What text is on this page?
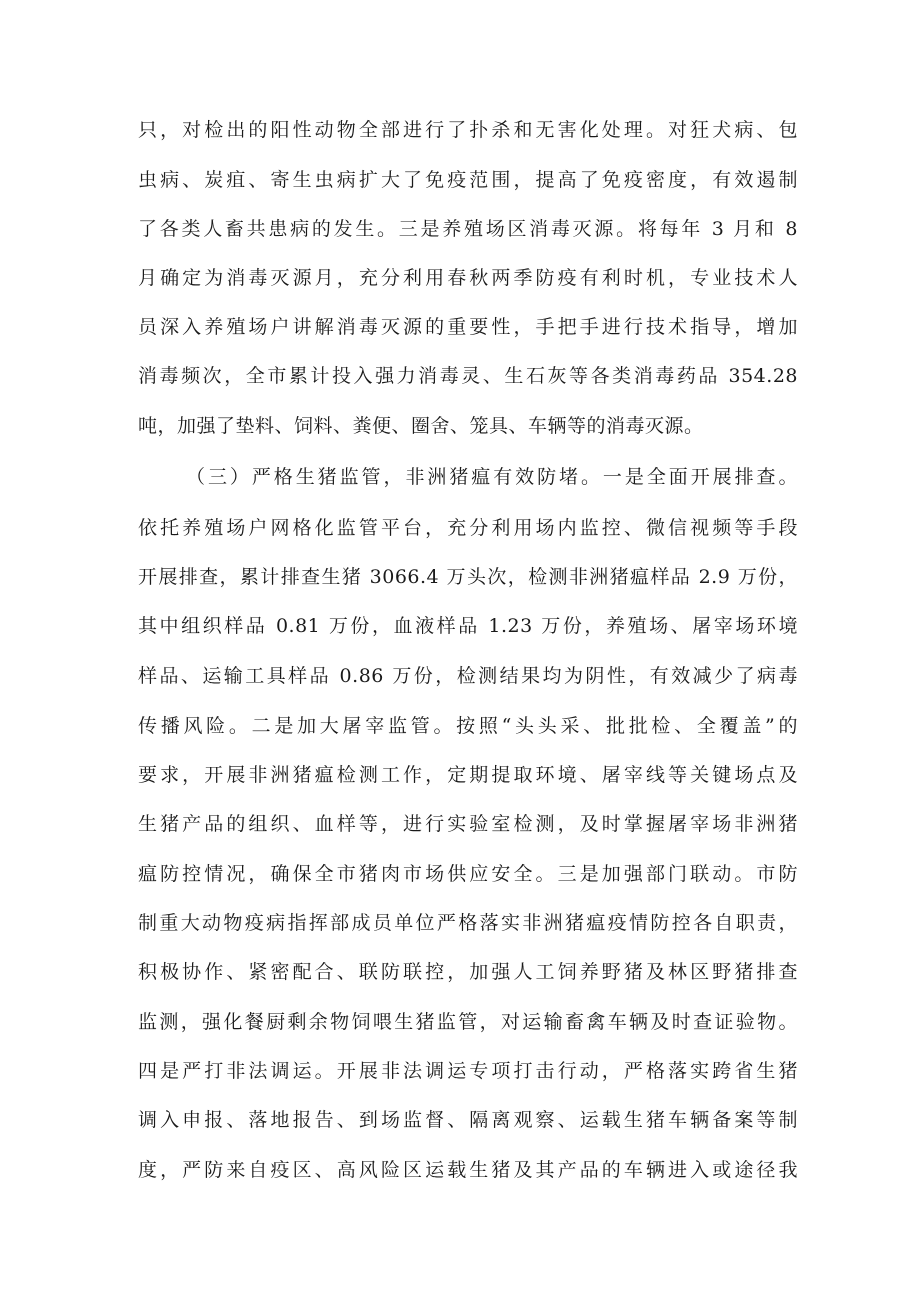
只，对检出的阳性动物全部进行了扑杀和无害化处理。对狂犬病、包
虫病、炭疽、寄生虫病扩大了免疫范围，提高了免疫密度，有效遏制
了各类人畜共患病的发生。三是养殖场区消毒灭源。将每年 3 月和 8
月确定为消毒灭源月，充分利用春秋两季防疫有利时机，专业技术人
员深入养殖场户讲解消毒灭源的重要性，手把手进行技术指导，增加
消毒频次，全市累计投入强力消毒灵、生石灰等各类消毒药品 354.28
吨，加强了垫料、饲料、粪便、圈舍、笼具、车辆等的消毒灭源。
（三）严格生猪监管，非洲猪瘟有效防堵。一是全面开展排查。
依托养殖场户网格化监管平台，充分利用场内监控、微信视频等手段
开展排查，累计排查生猪 3066.4 万头次，检测非洲猪瘟样品 2.9 万份，
其中组织样品 0.81 万份，血液样品 1.23 万份，养殖场、屠宰场环境
样品、运输工具样品 0.86 万份，检测结果均为阴性，有效减少了病毒
传播风险。二是加大屠宰监管。按照“头头采、批批检、全覆盖”的
要求，开展非洲猪瘟检测工作，定期提取环境、屠宰线等关键场点及
生猪产品的组织、血样等，进行实验室检测，及时掌握屠宰场非洲猪
瘟防控情况，确保全市猪肉市场供应安全。三是加强部门联动。市防
制重大动物疫病指挥部成员单位严格落实非洲猪瘟疫情防控各自职责，
积极协作、紧密配合、联防联控，加强人工饲养野猪及林区野猪排查
监测，强化餐厨剩余物饲喂生猪监管，对运输畜禽车辆及时查证验物。
四是严打非法调运。开展非法调运专项打击行动，严格落实跨省生猪
调入申报、落地报告、到场监督、隔离观察、运载生猪车辆备案等制
度，严防来自疫区、高风险区运载生猪及其产品的车辆进入或途径我
